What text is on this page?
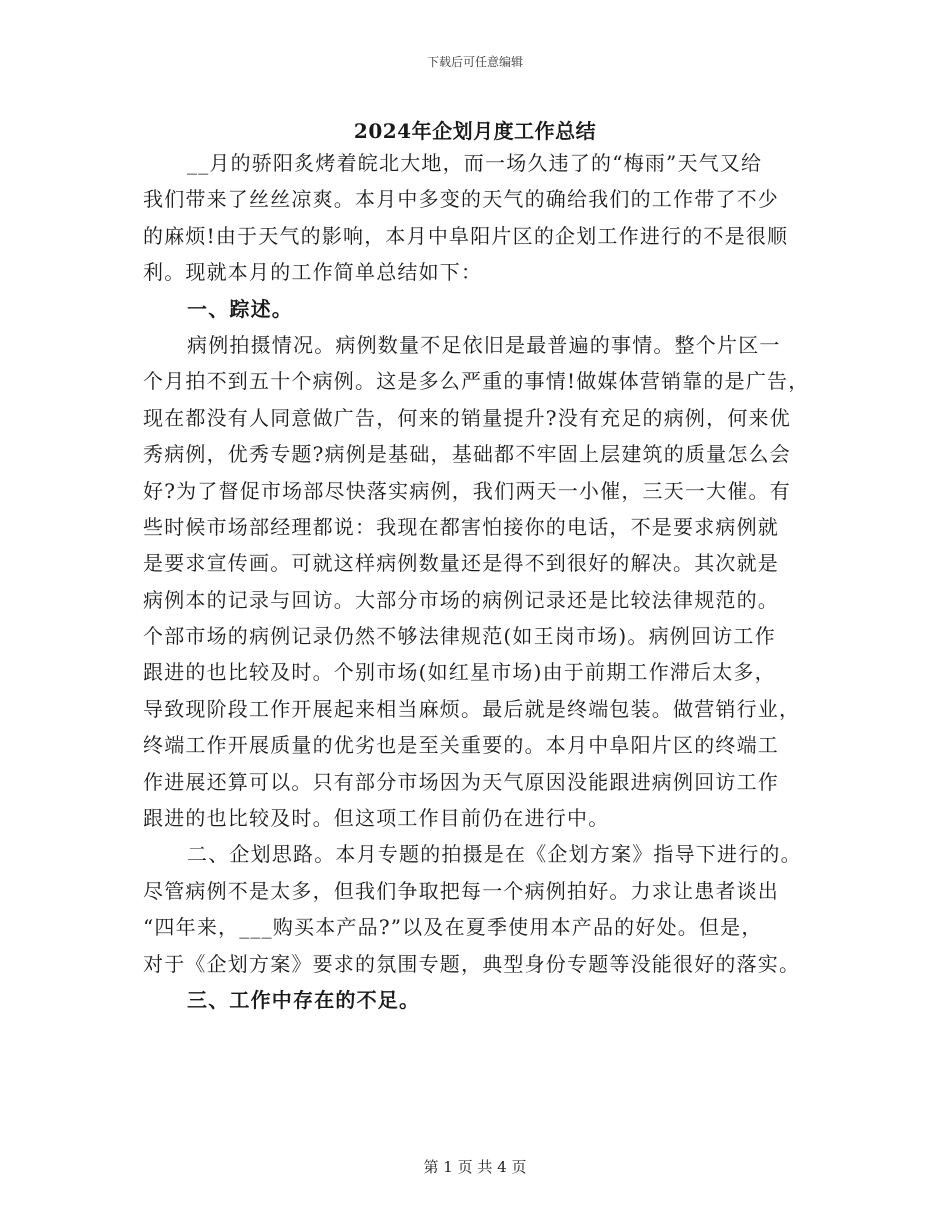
下载后可任意编辑
2024年企划月度工作总结
__月的骄阳炙烤着皖北大地，而一场久违了的“梅雨”天气又给
我们带来了丝丝凉爽。本月中多变的天气的确给我们的工作带了不少
的麻烦!由于天气的影响，本月中阜阳片区的企划工作进行的不是很顺
利。现就本月的工作简单总结如下：
一、踪述。
病例拍摄情况。病例数量不足依旧是最普遍的事情。整个片区一
个月拍不到五十个病例。这是多么严重的事情!做媒体营销靠的是广告，
现在都没有人同意做广告，何来的销量提升?没有充足的病例，何来优
秀病例，优秀专题?病例是基础，基础都不牢固上层建筑的质量怎么会
好?为了督促市场部尽快落实病例，我们两天一小催，三天一大催。有
些时候市场部经理都说：我现在都害怕接你的电话，不是要求病例就
是要求宣传画。可就这样病例数量还是得不到很好的解决。其次就是
病例本的记录与回访。大部分市场的病例记录还是比较法律规范的。
个部市场的病例记录仍然不够法律规范(如王岗市场)。病例回访工作
跟进的也比较及时。个别市场(如红星市场)由于前期工作滞后太多，
导致现阶段工作开展起来相当麻烦。最后就是终端包装。做营销行业，
终端工作开展质量的优劣也是至关重要的。本月中阜阳片区的终端工
作进展还算可以。只有部分市场因为天气原因没能跟进病例回访工作
跟进的也比较及时。但这项工作目前仍在进行中。
二、企划思路。本月专题的拍摄是在《企划方案》指导下进行的。
尽管病例不是太多，但我们争取把每一个病例拍好。力求让患者谈出
“四年来，___购买本产品?”以及在夏季使用本产品的好处。但是，
对于《企划方案》要求的氛围专题，典型身份专题等没能很好的落实。
三、工作中存在的不足。
第 1 页 共 4 页
